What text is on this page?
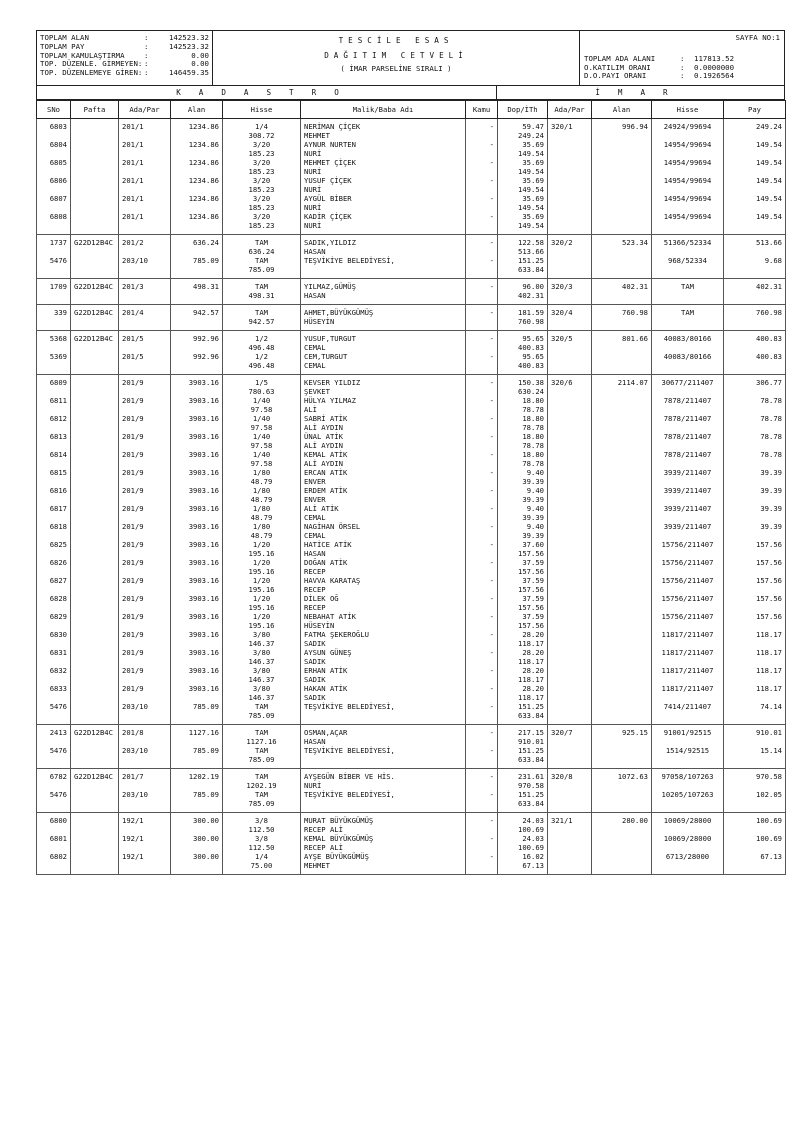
TOPLAM ALAN	:	142523.32
TOPLAM PAY	:	142523.32
TOPLAM KAMULAŞTIRMA	:	0.00
TOP. DÜZENLE. GİRMEYEN: :	0.00
TOP. DÜZENLEMEYE GİREN: :	146459.35
TESCİLE ESAS
DAĞITIM CETVELİ
( İMAR PARSELİNE SIRALI )
SAYFA NO:1
TOPLAM ADA ALANI	:	117813.52
O.KATILIM ORANI	:	0.0000000
D.O.PAYI ORANI	:	0.1926564
KADASTRO	İMAR
SNo	Pafta	Ada/Par	Alan	Hisse	Malik/Baba Adı	Kamu	Dop/İTh	Ada/Par	Alan	Hisse	Pay

6803		201/1	1234.86	1/4
308.72	NERİMAN ÇİÇEK
MEHMET	-	59.47
249.24	320/1	996.94	24924/99694	249.24

6804		201/1	1234.86	3/20
185.23	AYNUR NURTEN
NURİ	-	35.69
149.54			14954/99694	149.54

6805		201/1	1234.86	3/20
185.23	MEHMET ÇİÇEK
NURİ	-	35.69
149.54			14954/99694	149.54

6806		201/1	1234.86	3/20
185.23	YUSUF ÇİÇEK
NURİ	-	35.69
149.54			14954/99694	149.54

6807		201/1	1234.86	3/20
185.23	AYGÜL BİBER
NURİ	-	35.69
149.54			14954/99694	149.54

6808		201/1	1234.86	3/20
185.23	KADİR ÇİÇEK
NURİ	-	35.69
149.54			14954/99694	149.54

1737	G22D12B4C	201/2	636.24	TAM
636.24	SADIK,YILDIZ
HASAN	-	122.58
513.66	320/2	523.34	51366/52334	513.66

5476		203/10	785.09	TAM
785.09	TEŞVİKİYE BELEDİYESİ,	-	151.25
633.84			968/52334	9.68

1709	G22D12B4C	201/3	498.31	TAM
498.31	YILMAZ,GÜMÜŞ
HASAN	-	96.00
402.31	320/3	402.31	TAM	402.31

339	G22D12B4C	201/4	942.57	TAM
942.57	AHMET,BÜYÜKGÜMÜŞ
HÜSEYİN	-	181.59
760.98	320/4	760.98	TAM	760.98

5368	G22D12B4C	201/5	992.96	1/2
496.48	YUSUF,TURGUT
CEMAL	-	95.65
400.83	320/5	801.66	40083/80166	400.83

5369		201/5	992.96	1/2
496.48	CEM,TURGUT
CEMAL	-	95.65
400.83			40083/80166	400.83

6809		201/9	3903.16	1/5
780.63	KEVSER YILDIZ
ŞEVKET	-	150.38
630.24	320/6	2114.07	30677/211407	306.77

6811		201/9	3903.16	1/40
97.58	HÜLYA YILMAZ
ALİ	-	18.80
78.78			7878/211407	78.78

6812		201/9	3903.16	1/40
97.58	SABRİ ATİK
ALİ AYDIN	-	18.80
78.78			7878/211407	78.78

6813		201/9	3903.16	1/40
97.58	ÜNAL ATİK
ALİ AYDIN	-	18.80
78.78			7878/211407	78.78

6814		201/9	3903.16	1/40
97.58	KEMAL ATİK
ALİ AYDIN	-	18.80
78.78			7878/211407	78.78

6815		201/9	3903.16	1/80
48.79	ERCAN ATİK
ENVER	-	9.40
39.39			3939/211407	39.39

6816		201/9	3903.16	1/80
48.79	ERDEM ATİK
ENVER	-	9.40
39.39			3939/211407	39.39

6817		201/9	3903.16	1/80
48.79	ALİ ATİK
CEMAL	-	9.40
39.39			3939/211407	39.39

6818		201/9	3903.16	1/80
48.79	NAGİHAN ÖRSEL
CEMAL	-	9.40
39.39			3939/211407	39.39

6825		201/9	3903.16	1/20
195.16	HATİCE ATİK
HASAN	-	37.60
157.56			15756/211407	157.56

6826		201/9	3903.16	1/20
195.16	DOĞAN ATİK
RECEP	-	37.59
157.56			15756/211407	157.56

6827		201/9	3903.16	1/20
195.16	HAVVA KARATAŞ
RECEP	-	37.59
157.56			15756/211407	157.56

6828		201/9	3903.16	1/20
195.16	DİLEK OĞ
RECEP	-	37.59
157.56			15756/211407	157.56

6829		201/9	3903.16	1/20
195.16	NEBAHAT ATİK
HÜSEYİN	-	37.59
157.56			15756/211407	157.56

6830		201/9	3903.16	3/80
146.37	FATMA ŞEKEROĞLU
SADIK	-	28.20
118.17			11817/211407	118.17

6831		201/9	3903.16	3/80
146.37	AYSUN GÜNEŞ
SADIK	-	28.20
118.17			11817/211407	118.17

6832		201/9	3903.16	3/80
146.37	ERHAN ATİK
SADIK	-	28.20
118.17			11817/211407	118.17

6833		201/9	3903.16	3/80
146.37	HAKAN ATİK
SADIK	-	28.20
118.17			11817/211407	118.17

5476		203/10	785.09	TAM
785.09	TEŞVİKİYE BELEDİYESİ,	-	151.25
633.84			7414/211407	74.14

2413	G22D12B4C	201/8	1127.16	TAM
1127.16	OSMAN,AÇAR
HASAN	-	217.15
910.01	320/7	925.15	91001/92515	910.01

5476		203/10	785.09	TAM
785.09	TEŞVİKİYE BELEDİYESİ,	-	151.25
633.84			1514/92515	15.14

6782	G22D12B4C	201/7	1202.19	TAM
1202.19	AYŞEGÜN BİBER VE HİS.
NURİ	-	231.61
970.58	320/8	1072.63	97058/107263	970.58

5476		203/10	785.09	TAM
785.09	TEŞVİKİYE BELEDİYESİ,	-	151.25
633.84			10205/107263	102.05

6800		192/1	300.00	3/8
112.50	MURAT BÜYÜKGÜMÜŞ
RECEP ALİ	-	24.03
100.69	321/1	280.00	10069/28000	100.69

6801		192/1	300.00	3/8
112.50	KEMAL BÜYÜKGÜMÜŞ
RECEP ALİ	-	24.03
100.69			10069/28000	100.69

6802		192/1	300.00	1/4
75.00	AYŞE BÜYÜKGÜMÜŞ
MEHMET	-	16.02
67.13			6713/28000	67.13
